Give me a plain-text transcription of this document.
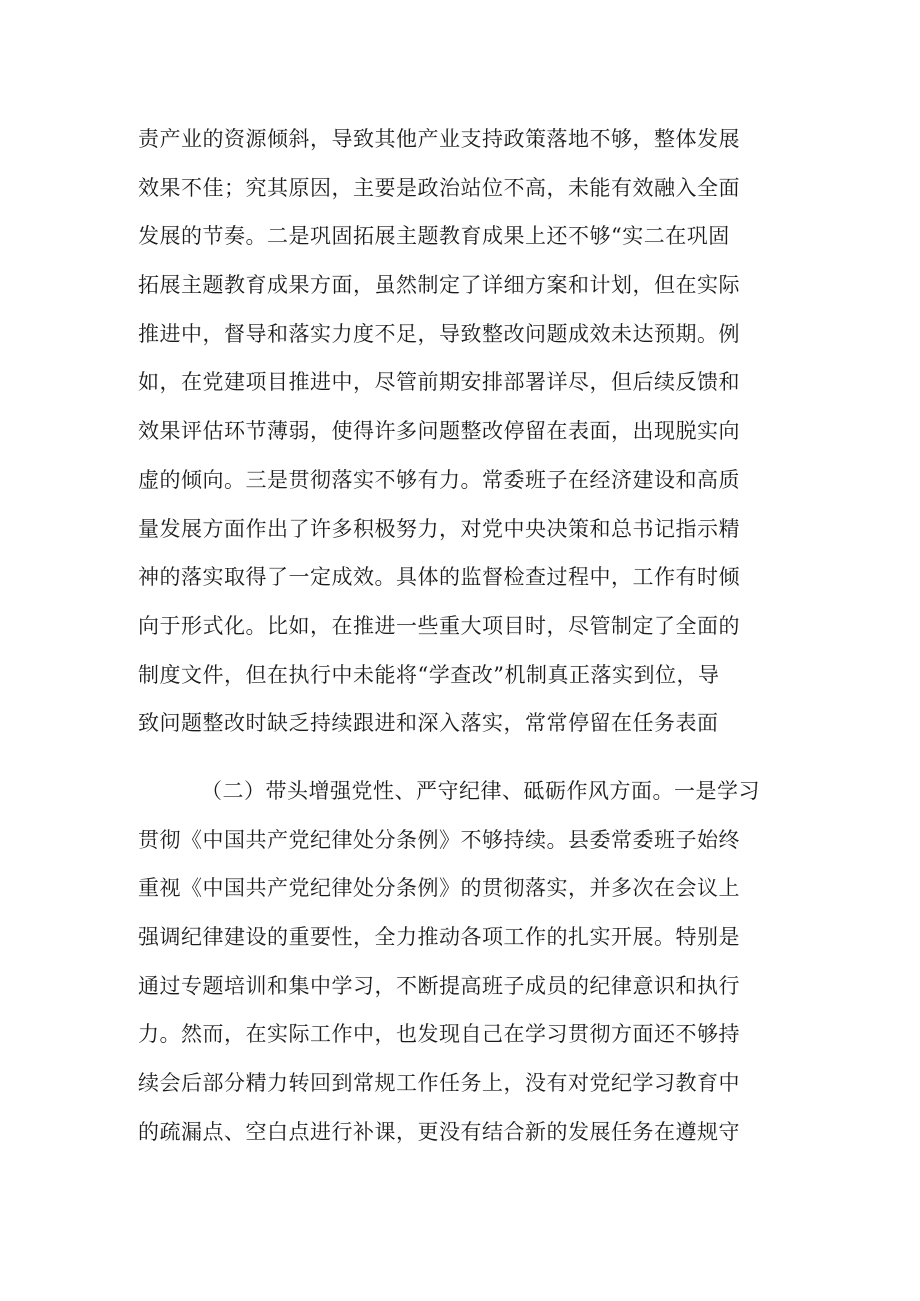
责产业的资源倾斜，导致其他产业支持政策落地不够，整体发展
效果不佳；究其原因，主要是政治站位不高，未能有效融入全面
发展的节奏。二是巩固拓展主题教育成果上还不够“实二在巩固
拓展主题教育成果方面，虽然制定了详细方案和计划，但在实际
推进中，督导和落实力度不足，导致整改问题成效未达预期。例
如，在党建项目推进中，尽管前期安排部署详尽，但后续反馈和
效果评估环节薄弱，使得许多问题整改停留在表面，出现脱实向
虚的倾向。三是贯彻落实不够有力。常委班子在经济建设和高质
量发展方面作出了许多积极努力，对党中央决策和总书记指示精
神的落实取得了一定成效。具体的监督检查过程中，工作有时倾
向于形式化。比如，在推进一些重大项目时，尽管制定了全面的
制度文件，但在执行中未能将“学查改”机制真正落实到位，导
致问题整改时缺乏持续跟进和深入落实，常常停留在任务表面
（二）带头增强党性、严守纪律、砥砺作风方面。一是学习
贯彻《中国共产党纪律处分条例》不够持续。县委常委班子始终
重视《中国共产党纪律处分条例》的贯彻落实，并多次在会议上
强调纪律建设的重要性，全力推动各项工作的扎实开展。特别是
通过专题培训和集中学习，不断提高班子成员的纪律意识和执行
力。然而，在实际工作中，也发现自己在学习贯彻方面还不够持
续会后部分精力转回到常规工作任务上，没有对党纪学习教育中
的疏漏点、空白点进行补课，更没有结合新的发展任务在遵规守
